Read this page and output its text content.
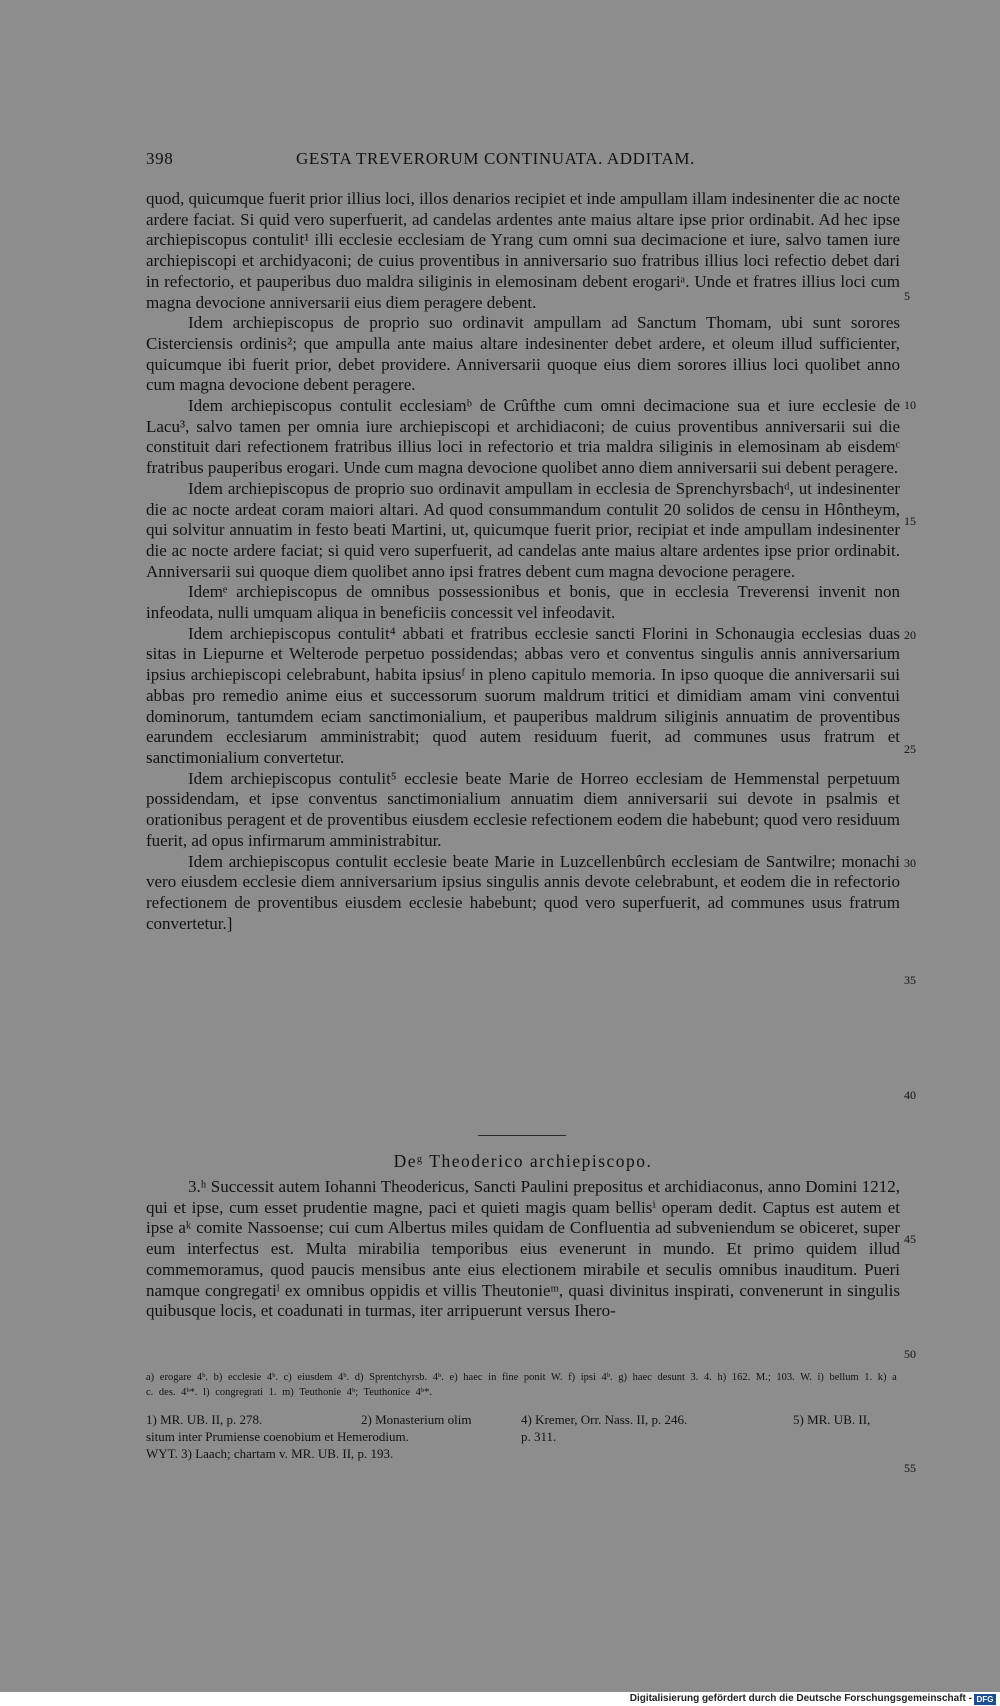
398	GESTA TREVERORUM CONTINUATA. ADDITAM.

quod, quicumque fuerit prior illius loci, illos denarios recipiet et inde ampullam illam indesinenter die ac nocte ardere faciat. Si quid vero superfuerit, ad candelas ardentes ante maius altare ipse prior ordinabit. Ad hec ipse archiepiscopus contulit¹ illi ecclesie ecclesiam de Yrang cum omni sua decimacione et iure, salvo tamen iure archiepiscopi et archidyaconi; de cuius proventibus in anniversario suo fratribus illius loci refectio debet dari in refectorio, et pauperibus duo maldra siliginis in elemosinam debent erogariᵃ. Unde et fratres illius loci cum magna devocione anniversarii eius diem peragere debent.

Idem archiepiscopus de proprio suo ordinavit ampullam ad Sanctum Thomam, ubi sunt sorores Cisterciensis ordinis²; que ampulla ante maius altare indesinenter debet ardere, et oleum illud sufficienter, quicumque ibi fuerit prior, debet providere. Anniversarii quoque eius diem sorores illius loci quolibet anno cum magna devocione debent peragere.

Idem archiepiscopus contulit ecclesiamᵇ de Crûfthe cum omni decimacione sua et iure ecclesie de Lacu³, salvo tamen per omnia iure archiepiscopi et archidiaconi; de cuius proventibus anniversarii sui die constituit dari refectionem fratribus illius loci in refectorio et tria maldra siliginis in elemosinam ab eisdemᶜ fratribus pauperibus erogari. Unde cum magna devocione quolibet anno diem anniversarii sui debent peragere.

Idem archiepiscopus de proprio suo ordinavit ampullam in ecclesia de Sprenchyrsbachᵈ, ut indesinenter die ac nocte ardeat coram maiori altari. Ad quod consummandum contulit 20 solidos de censu in Hônthеym, qui solvitur annuatim in festo beati Martini, ut, quicumque fuerit prior, recipiat et inde ampullam indesinenter die ac nocte ardere faciat; si quid vero superfuerit, ad candelas ante maius altare ardentes ipse prior ordinabit. Anniversarii sui quoque diem quolibet anno ipsi fratres debent cum magna devocione peragere.

Idemᵉ archiepiscopus de omnibus possessionibus et bonis, que in ecclesia Treverensi invenit non infeodata, nulli umquam aliqua in beneficiis concessit vel infeodavit.

Idem archiepiscopus contulit⁴ abbati et fratribus ecclesie sancti Florini in Schonaugia ecclesias duas sitas in Liepurne et Welterode perpetuo possidendas; abbas vero et conventus singulis annis anniversarium ipsius archiepiscopi celebrabunt, habita ipsiusᶠ in pleno capitulo memoria. In ipso quoque die anniversarii sui abbas pro remedio anime eius et successorum suorum maldrum tritici et dimidiam amam vini conventui dominorum, tantumdem eciam sanctimonialium, et pauperibus maldrum siliginis annuatim de proventibus earundem ecclesiarum amministrabit; quod autem residuum fuerit, ad communes usus fratrum et sanctimonialium convertetur.

Idem archiepiscopus contulit⁵ ecclesie beate Marie de Horreo ecclesiam de Hemmenstal perpetuum possidendam, et ipse conventus sanctimonialium annuatim diem anniversarii sui devote in psalmis et orationibus peragent et de proventibus eiusdem ecclesie refectionem eodem die habebunt; quod vero residuum fuerit, ad opus infirmarum amministrabitur.

Idem archiepiscopus contulit ecclesie beate Marie in Luzcellenbûrch ecclesiam de Santwilre; monachi vero eiusdem ecclesie diem anniversarium ipsius singulis annis devote celebrabunt, et eodem die in refectorio refectionem de proventibus eiusdem ecclesie habebunt; quod vero superfuerit, ad communes usus fratrum convertetur.]

Deᵍ Theoderico archiepiscopo.

3.ʰ Successit autem Iohanni Theodericus, Sancti Paulini prepositus et archidiaconus, anno Domini 1212, qui et ipse, cum esset prudentie magne, paci et quieti magis quam bellisⁱ operam dedit. Captus est autem et ipse aᵏ comite Nassoense; cui cum Albertus miles quidam de Confluentia ad subveniendum se obiceret, super eum interfectus est. Multa mirabilia temporibus eius evenerunt in mundo. Et primo quidem illud commemoramus, quod paucis mensibus ante eius electionem mirabile et seculis omnibus inauditum. Pueri namque congregatiˡ ex omnibus oppidis et villis Theutonieᵐ, quasi divinitus inspirati, convenerunt in singulis quibusque locis, et coadunati in turmas, iter arripuerunt versus Ihero-

5
10
15
20
25
30
35
40
45
50
55
a) erogare 4ᵇ. b) ecclesie 4ᵇ. c) eiusdem 4ᵇ. d) Sprentchyrsb. 4ᵇ. e) haec in fine ponit W. f) ipsi 4ᵇ. g) haec desunt 3. 4. h) 162. M.; 103. W. i) bellum 1. k) a c. des. 4ᵇ*. l) congregrati 1. m) Teuthonie 4ᵇ; Teuthonice 4ᵇ*.
1) MR. UB. II, p. 278.
situm inter Prumiense coenobium et Hemerodium.
WYT. 3) Laach; chartam v. MR. UB. II, p. 193.
2) Monasterium olim	4) Kremer, Orr. Nass. II, p. 246.
p. 311.
5) MR. UB. II,
Digitalisierung gefördert durch die Deutsche Forschungsgemeinschaft - DFG
